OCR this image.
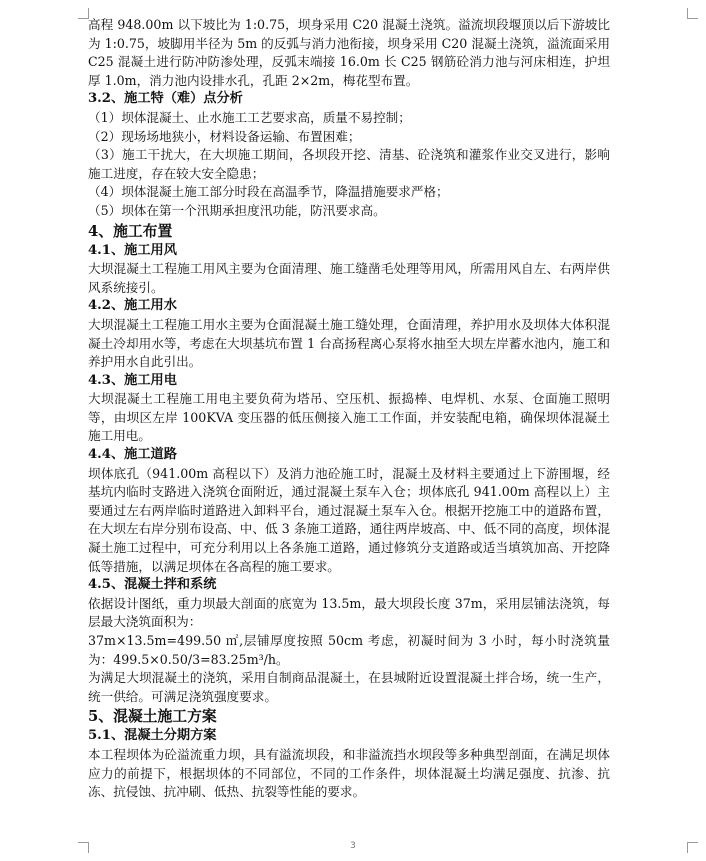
高程 948.00m 以下坡比为 1:0.75，坝身采用 C20 混凝土浇筑。溢流坝段堰顶以后下游坡比为 1:0.75，坡脚用半径为 5m 的反弧与消力池衔接，坝身采用 C20 混凝土浇筑，溢流面采用 C25 混凝土进行防冲防渗处理，反弧末端接 16.0m 长 C25 钢筋砼消力池与河床相连，护坦厚 1.0m，消力池内设排水孔，孔距 2×2m，梅花型布置。

3.2、施工特（难）点分析

（1）坝体混凝土、止水施工工艺要求高，质量不易控制；

（2）现场场地狭小，材料设备运输、布置困难；

（3）施工干扰大，在大坝施工期间，各坝段开挖、清基、砼浇筑和灌浆作业交叉进行，影响施工进度，存在较大安全隐患；

（4）坝体混凝土施工部分时段在高温季节，降温措施要求严格；

（5）坝体在第一个汛期承担度汛功能，防汛要求高。

4、施工布置

4.1、施工用风

大坝混凝土工程施工用风主要为仓面清理、施工缝凿毛处理等用风，所需用风自左、右两岸供风系统接引。

4.2、施工用水

大坝混凝土工程施工用水主要为仓面混凝土施工缝处理，仓面清理，养护用水及坝体大体积混凝土冷却用水等，考虑在大坝基坑布置 1 台高扬程离心泵将水抽至大坝左岸蓄水池内，施工和养护用水自此引出。

4.3、施工用电

大坝混凝土工程施工用电主要负荷为塔吊、空压机、振捣棒、电焊机、水泵、仓面施工照明等，由坝区左岸 100KVA 变压器的低压侧接入施工工作面，并安装配电箱，确保坝体混凝土施工用电。

4.4、施工道路

坝体底孔（941.00m 高程以下）及消力池砼施工时，混凝土及材料主要通过上下游围堰，经基坑内临时支路进入浇筑仓面附近，通过混凝土泵车入仓；坝体底孔 941.00m 高程以上）主要通过左右两岸临时道路进入卸料平台，通过混凝土泵车入仓。根据开挖施工中的道路布置，在大坝左右岸分别布设高、中、低 3 条施工道路，通往两岸坡高、中、低不同的高度，坝体混凝土施工过程中，可充分利用以上各条施工道路，通过修筑分支道路或适当填筑加高、开挖降低等措施，以满足坝体在各高程的施工要求。

4.5、混凝土拌和系统

依据设计图纸，重力坝最大剖面的底宽为 13.5m，最大坝段长度 37m，采用层铺法浇筑，每层最大浇筑面积为：

37m×13.5m=499.50 ㎡,层铺厚度按照 50cm 考虑，初凝时间为 3 小时，每小时浇筑量为：499.5×0.50/3=83.25m³/h。

为满足大坝混凝土的浇筑，采用自制商品混凝土，在县城附近设置混凝土拌合场，统一生产，统一供给。可满足浇筑强度要求。

5、混凝土施工方案

5.1、混凝土分期方案

本工程坝体为砼溢流重力坝，具有溢流坝段，和非溢流挡水坝段等多种典型剖面，在满足坝体应力的前提下，根据坝体的不同部位，不同的工作条件，坝体混凝土均满足强度、抗渗、抗冻、抗侵蚀、抗冲刷、低热、抗裂等性能的要求。

3
